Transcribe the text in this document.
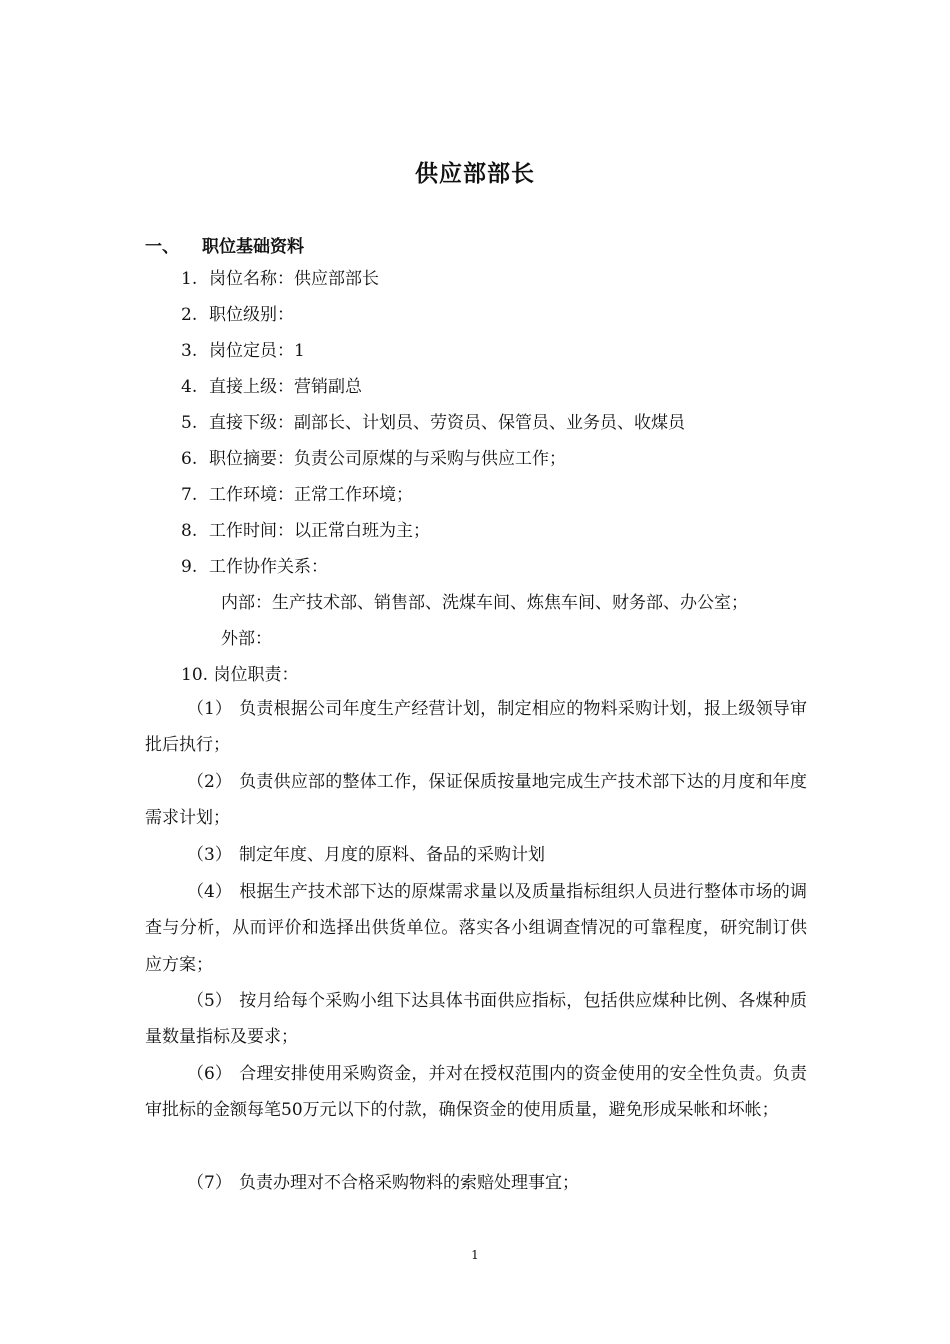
供应部部长
一、 职位基础资料
1. 岗位名称：供应部部长
2. 职位级别：
3. 岗位定员：1
4. 直接上级：营销副总
5. 直接下级：副部长、计划员、劳资员、保管员、业务员、收煤员
6. 职位摘要：负责公司原煤的与采购与供应工作；
7. 工作环境：正常工作环境；
8. 工作时间：以正常白班为主；
9. 工作协作关系：
内部：生产技术部、销售部、洗煤车间、炼焦车间、财务部、办公室；
外部：
10. 岗位职责：
（1） 负责根据公司年度生产经营计划，制定相应的物料采购计划，报上级领导审批后执行；
（2） 负责供应部的整体工作，保证保质按量地完成生产技术部下达的月度和年度需求计划；
（3） 制定年度、月度的原料、备品的采购计划
（4） 根据生产技术部下达的原煤需求量以及质量指标组织人员进行整体市场的调查与分析，从而评价和选择出供货单位。落实各小组调查情况的可靠程度，研究制订供应方案；
（5） 按月给每个采购小组下达具体书面供应指标，包括供应煤种比例、各煤种质量数量指标及要求；
（6） 合理安排使用采购资金，并对在授权范围内的资金使用的安全性负责。负责审批标的金额每笔50万元以下的付款，确保资金的使用质量，避免形成呆帐和坏帐；
（7） 负责办理对不合格采购物料的索赔处理事宜；
1
